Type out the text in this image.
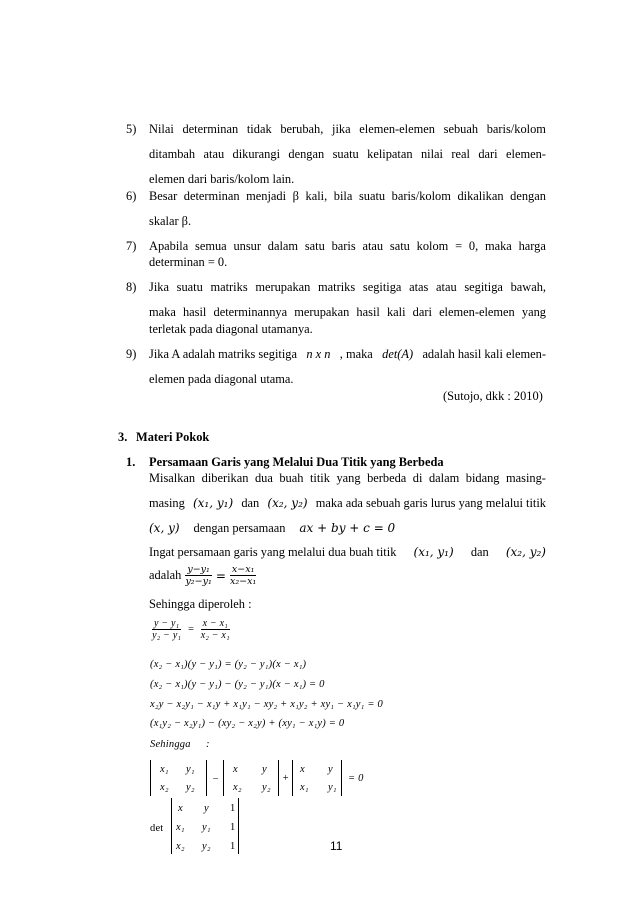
5) Nilai determinan tidak berubah, jika elemen-elemen sebuah baris/kolom
ditambah atau dikurangi dengan suatu kelipatan nilai real dari elemen-
elemen dari baris/kolom lain.
6) Besar determinan menjadi β kali, bila suatu baris/kolom dikalikan dengan
skalar β.
7) Apabila semua unsur dalam satu baris atau satu kolom = 0, maka harga
determinan = 0.
8) Jika suatu matriks merupakan matriks segitiga atas atau segitiga bawah,
maka hasil determinannya merupakan hasil kali dari elemen-elemen yang
terletak pada diagonal utamanya.
9) Jika A adalah matriks segitiga n x n , maka det(A) adalah hasil kali elemen-
elemen pada diagonal utama.
(Sutojo, dkk : 2010)
3. Materi Pokok
1. Persamaan Garis yang Melalui Dua Titik yang Berbeda
Misalkan diberikan dua buah titik yang berbeda di dalam bidang masing-
masing (x₁, y₁) dan (x₂, y₂) maka ada sebuah garis lurus yang melalui titik
(x, y) dengan persamaan ax + by + c = 0
Ingat persamaan garis yang melalui dua buah titik (x₁, y₁) dan (x₂, y₂)
adalah $\frac{\text{y−y₁}}{\text{y₂−y₁}} = \frac{\text{x−x₁}}{\text{x₂−x₁}}$
Sehingga diperoleh :
$\frac{\text{y − y₁}}{\text{y₂ − y₁}} = \frac{\text{x − x₁}}{\text{x₂ − x₁}}$
(x₂ − x₁)(y − y₁) = (y₂ − y₁)(x − x₁)
(x₂ − x₁)(y − y₁) − (y₂ − y₁)(x − x₁) = 0
x₂y − x₂y₁ − x₁y + x₁y₁ − xy₂ + x₁y₂ + xy₁ − x₁y₁ = 0
(x₁y₂ − x₂y₁) − (xy₂ − x₂y) + (xy₁ − x₁y) = 0
Sehingga :
x₁ y₁
x₂ y₂
−
x y
x₂ y₂
+
x y
x₁ y₁
= 0
det
x y 1
x₁ y₁ 1
x₂ y₂ 1	11
